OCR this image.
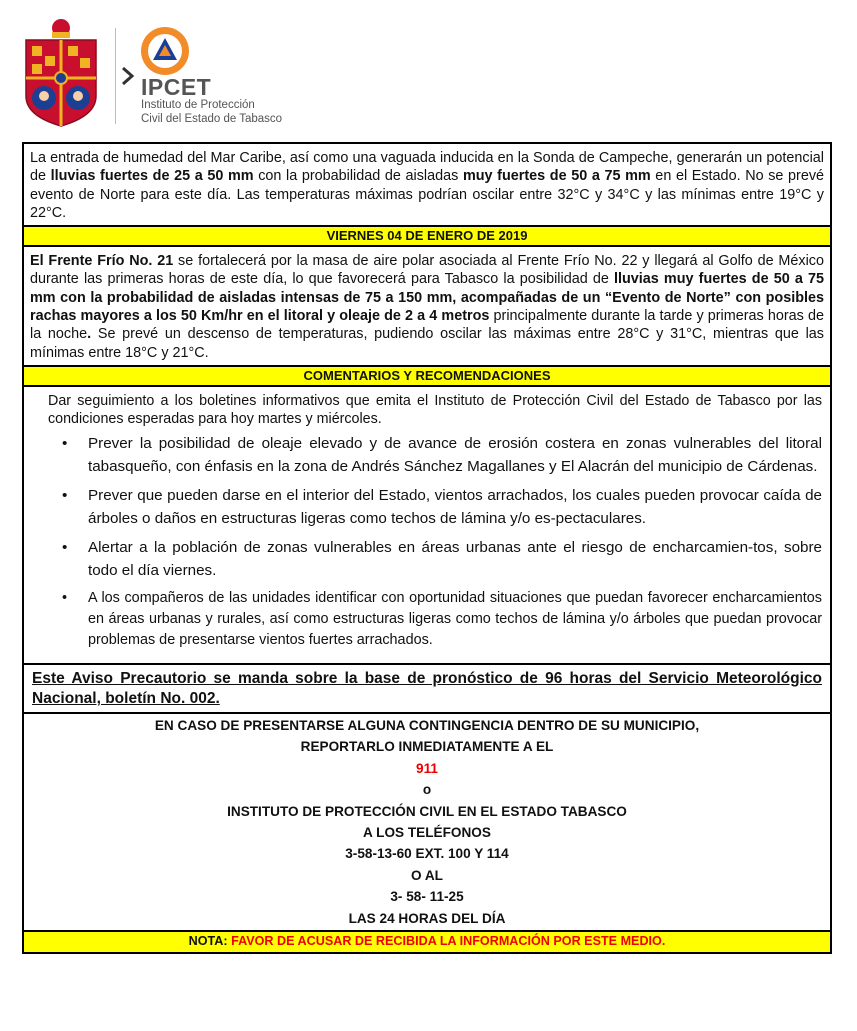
IPCET
Instituto de Protección
Civil del Estado de Tabasco
La entrada de humedad del Mar Caribe, así como una vaguada inducida en la Sonda de Campeche, generarán un potencial de lluvias fuertes de 25 a 50 mm con la probabilidad de aisladas muy fuertes de 50 a 75 mm en el Estado. No se prevé evento de Norte para este día. Las temperaturas máximas podrían oscilar entre 32°C y 34°C y las mínimas entre 19°C y 22°C.
VIERNES 04 DE ENERO DE 2019
El Frente Frío No. 21 se fortalecerá por la masa de aire polar asociada al Frente Frío No. 22 y llegará al Golfo de México durante las primeras horas de este día, lo que favorecerá para Tabasco la posibilidad de lluvias muy fuertes de 50 a 75 mm con la probabilidad de aisladas intensas de 75 a 150 mm, acompañadas de un “Evento de Norte” con posibles rachas mayores a los 50 Km/hr en el litoral y oleaje de 2 a 4 metros principalmente durante la tarde y primeras horas de la noche. Se prevé un descenso de temperaturas, pudiendo oscilar las máximas entre 28°C y 31°C, mientras que las mínimas entre 18°C y 21°C.
COMENTARIOS Y RECOMENDACIONES
Dar seguimiento a los boletines informativos que emita el Instituto de Protección Civil del Estado de Tabasco por las condiciones esperadas para hoy martes y miércoles.
• Prever la posibilidad de oleaje elevado y de avance de erosión costera en zonas vulnerables del litoral tabasqueño, con énfasis en la zona de Andrés Sánchez Magallanes y El Alacrán del municipio de Cárdenas.
• Prever que pueden darse en el interior del Estado, vientos arrachados, los cuales pueden provocar caída de árboles o daños en estructuras ligeras como techos de lámina y/o es-pectaculares.
• Alertar a la población de zonas vulnerables en áreas urbanas ante el riesgo de encharcamien-tos, sobre todo el día viernes.
• A los compañeros de las unidades identificar con oportunidad situaciones que puedan favorecer encharcamientos en áreas urbanas y rurales, así como estructuras ligeras como techos de lámina y/o árboles que puedan provocar problemas de presentarse vientos fuertes arrachados.
Este Aviso Precautorio se manda sobre la base de pronóstico de 96 horas del Servicio Meteorológico Nacional, boletín No. 002.
EN CASO DE PRESENTARSE ALGUNA CONTINGENCIA DENTRO DE SU MUNICIPIO,
REPORTARLO INMEDIATAMENTE A EL
911
o
INSTITUTO DE PROTECCIÓN CIVIL EN EL ESTADO TABASCO
A LOS TELÉFONOS
3-58-13-60 EXT. 100 Y 114
O AL
3- 58- 11-25
LAS 24 HORAS DEL DÍA
NOTA: FAVOR DE ACUSAR DE RECIBIDA LA INFORMACIÓN POR ESTE MEDIO.
